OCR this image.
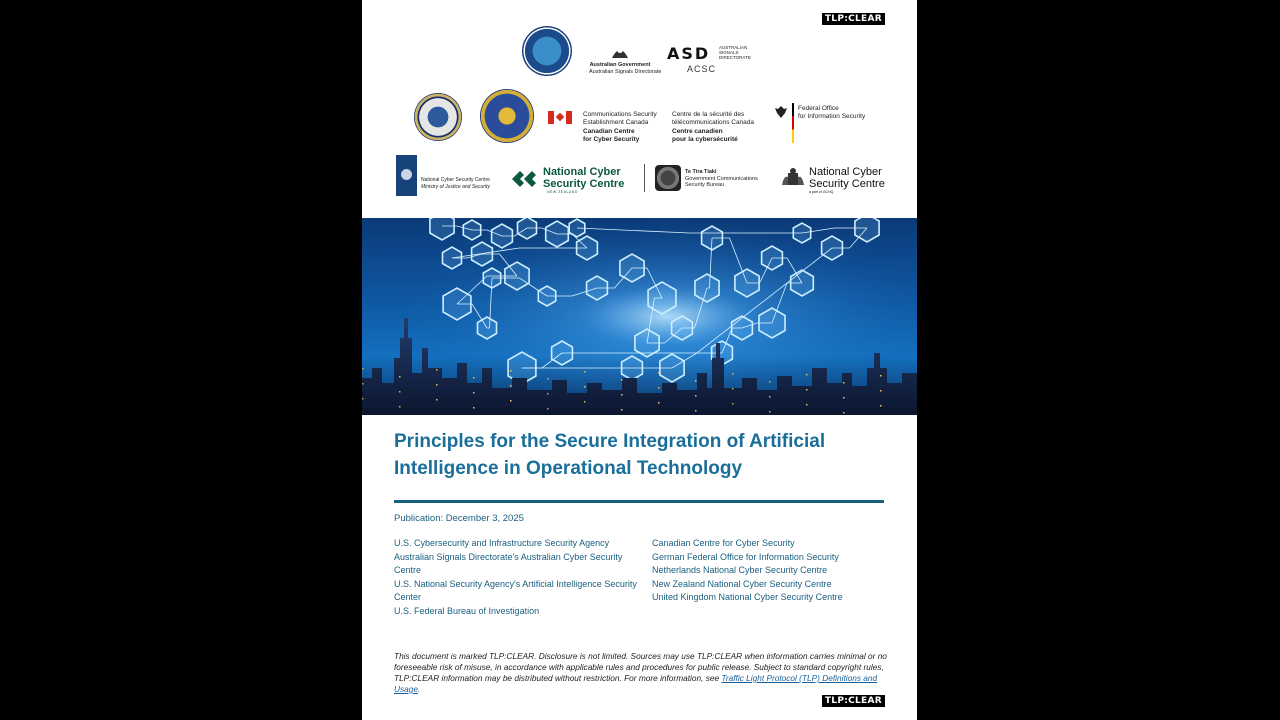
TLP:CLEAR
Australian Government
Australian Signals Directorate
ASD AUSTRALIAN
SIGNALS
DIRECTORATE
ACSC
Communications Security
Establishment Canada
Canadian Centre
for Cyber Security
Centre de la sécurité des
télécommunications Canada
Centre canadien
pour la cybersécurité
Federal Office
for Information Security
National Cyber Security Centre
Ministry of Justice and Security
National Cyber
Security Centre
NEW ZEALAND
Te Tira Tiaki
Government Communications
Security Bureau
National Cyber
Security Centre
a part of GCHQ
Principles for the Secure Integration of Artificial Intelligence in Operational Technology
Publication: December 3, 2025
U.S. Cybersecurity and Infrastructure Security Agency
Australian Signals Directorate's Australian Cyber Security Centre
U.S. National Security Agency's Artificial Intelligence Security Center
U.S. Federal Bureau of Investigation
Canadian Centre for Cyber Security
German Federal Office for Information Security
Netherlands National Cyber Security Centre
New Zealand National Cyber Security Centre
United Kingdom National Cyber Security Centre
This document is marked TLP:CLEAR. Disclosure is not limited. Sources may use TLP:CLEAR when information carries minimal or no foreseeable risk of misuse, in accordance with applicable rules and procedures for public release. Subject to standard copyright rules, TLP:CLEAR information may be distributed without restriction. For more information, see Traffic Light Protocol (TLP) Definitions and Usage.
TLP:CLEAR
